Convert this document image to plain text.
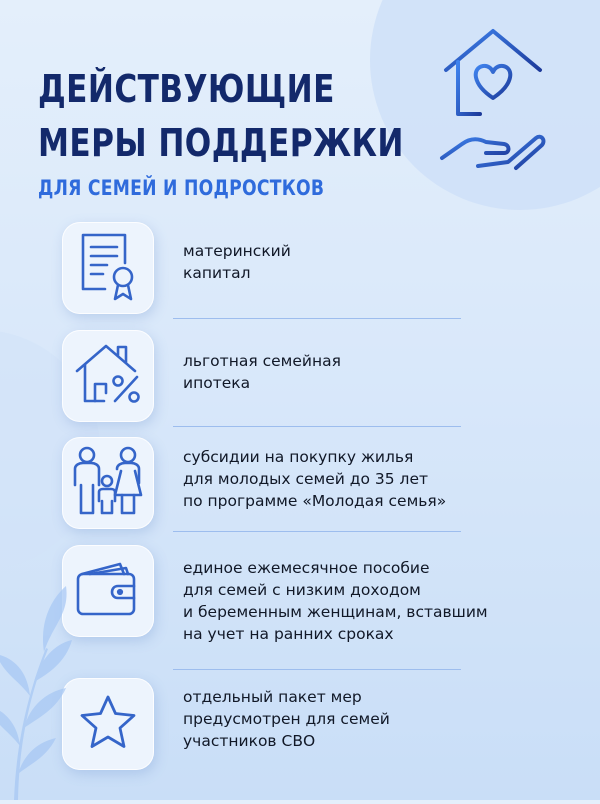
ДЕЙСТВУЮЩИЕ
МЕРЫ ПОДДЕРЖКИ
ДЛЯ СЕМЕЙ И ПОДРОСТКОВ

материнский
капитал

льготная семейная
ипотека

субсидии на покупку жилья
для молодых семей до 35 лет
по программе «Молодая семья»

единое ежемесячное пособие
для семей с низким доходом
и беременным женщинам, вставшим
на учет на ранних сроках

отдельный пакет мер
предусмотрен для семей
участников СВО
